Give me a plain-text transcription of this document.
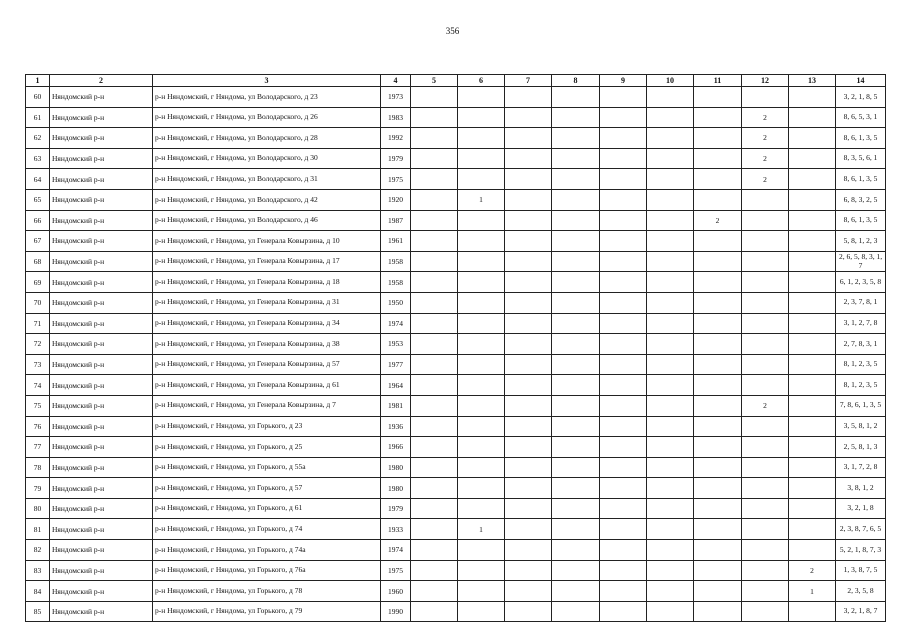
356
1	2	3	4	5	6	7	8	9	10	11	12	13	14
60	Няндомский р-н	р-н Няндомский, г Няндома, ул Володарского, д 23	1973										3, 2, 1, 8, 5
61	Няндомский р-н	р-н Няндомский, г Няндома, ул Володарского, д 26	1983								2		8, 6, 5, 3, 1
62	Няндомский р-н	р-н Няндомский, г Няндома, ул Володарского, д 28	1992								2		8, 6, 1, 3, 5
63	Няндомский р-н	р-н Няндомский, г Няндома, ул Володарского, д 30	1979								2		8, 3, 5, 6, 1
64	Няндомский р-н	р-н Няндомский, г Няндома, ул Володарского, д 31	1975								2		8, 6, 1, 3, 5
65	Няндомский р-н	р-н Няндомский, г Няндома, ул Володарского, д 42	1920		1								6, 8, 3, 2, 5
66	Няндомский р-н	р-н Няндомский, г Няндома, ул Володарского, д 46	1987							2			8, 6, 1, 3, 5
67	Няндомский р-н	р-н Няндомский, г Няндома, ул Генерала Ковырзина, д 10	1961										5, 8, 1, 2, 3
68	Няндомский р-н	р-н Няндомский, г Няндома, ул Генерала Ковырзина, д 17	1958										2, 6, 5, 8, 3, 1, 7
69	Няндомский р-н	р-н Няндомский, г Няндома, ул Генерала Ковырзина, д 18	1958										6, 1, 2, 3, 5, 8
70	Няндомский р-н	р-н Няндомский, г Няндома, ул Генерала Ковырзина, д 31	1950										2, 3, 7, 8, 1
71	Няндомский р-н	р-н Няндомский, г Няндома, ул Генерала Ковырзина, д 34	1974										3, 1, 2, 7, 8
72	Няндомский р-н	р-н Няндомский, г Няндома, ул Генерала Ковырзина, д 38	1953										2, 7, 8, 3, 1
73	Няндомский р-н	р-н Няндомский, г Няндома, ул Генерала Ковырзина, д 57	1977										8, 1, 2, 3, 5
74	Няндомский р-н	р-н Няндомский, г Няндома, ул Генерала Ковырзина, д 61	1964										8, 1, 2, 3, 5
75	Няндомский р-н	р-н Няндомский, г Няндома, ул Генерала Ковырзина, д 7	1981								2		7, 8, 6, 1, 3, 5
76	Няндомский р-н	р-н Няндомский, г Няндома, ул Горького, д 23	1936										3, 5, 8, 1, 2
77	Няндомский р-н	р-н Няндомский, г Няндома, ул Горького, д 25	1966										2, 5, 8, 1, 3
78	Няндомский р-н	р-н Няндомский, г Няндома, ул Горького, д 55а	1980										3, 1, 7, 2, 8
79	Няндомский р-н	р-н Няндомский, г Няндома, ул Горького, д 57	1980										3, 8, 1, 2
80	Няндомский р-н	р-н Няндомский, г Няндома, ул Горького, д 61	1979										3, 2, 1, 8
81	Няндомский р-н	р-н Няндомский, г Няндома, ул Горького, д 74	1933		1								2, 3, 8, 7, 6, 5
82	Няндомский р-н	р-н Няндомский, г Няндома, ул Горького, д 74а	1974										5, 2, 1, 8, 7, 3
83	Няндомский р-н	р-н Няндомский, г Няндома, ул Горького, д 76а	1975									2	1, 3, 8, 7, 5
84	Няндомский р-н	р-н Няндомский, г Няндома, ул Горького, д 78	1960									1	2, 3, 5, 8
85	Няндомский р-н	р-н Няндомский, г Няндома, ул Горького, д 79	1990										3, 2, 1, 8, 7
